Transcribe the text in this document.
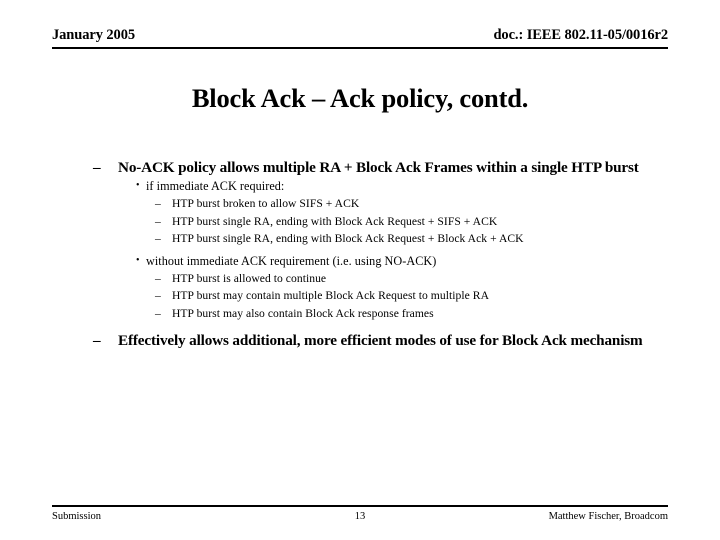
January 2005	doc.: IEEE 802.11-05/0016r2
Block Ack – Ack policy, contd.
– No-ACK policy allows multiple RA + Block Ack Frames within a single HTP burst
• if immediate ACK required:
– HTP burst broken to allow SIFS + ACK
– HTP burst single RA, ending with Block Ack Request + SIFS + ACK
– HTP burst single RA, ending with Block Ack Request + Block Ack + ACK
• without immediate ACK requirement (i.e. using NO-ACK)
– HTP burst is allowed to continue
– HTP burst may contain multiple Block Ack Request to multiple RA
– HTP burst may also contain Block Ack response frames
– Effectively allows additional, more efficient modes of use for Block Ack mechanism
Submission	Matthew Fischer, Broadcom
13
